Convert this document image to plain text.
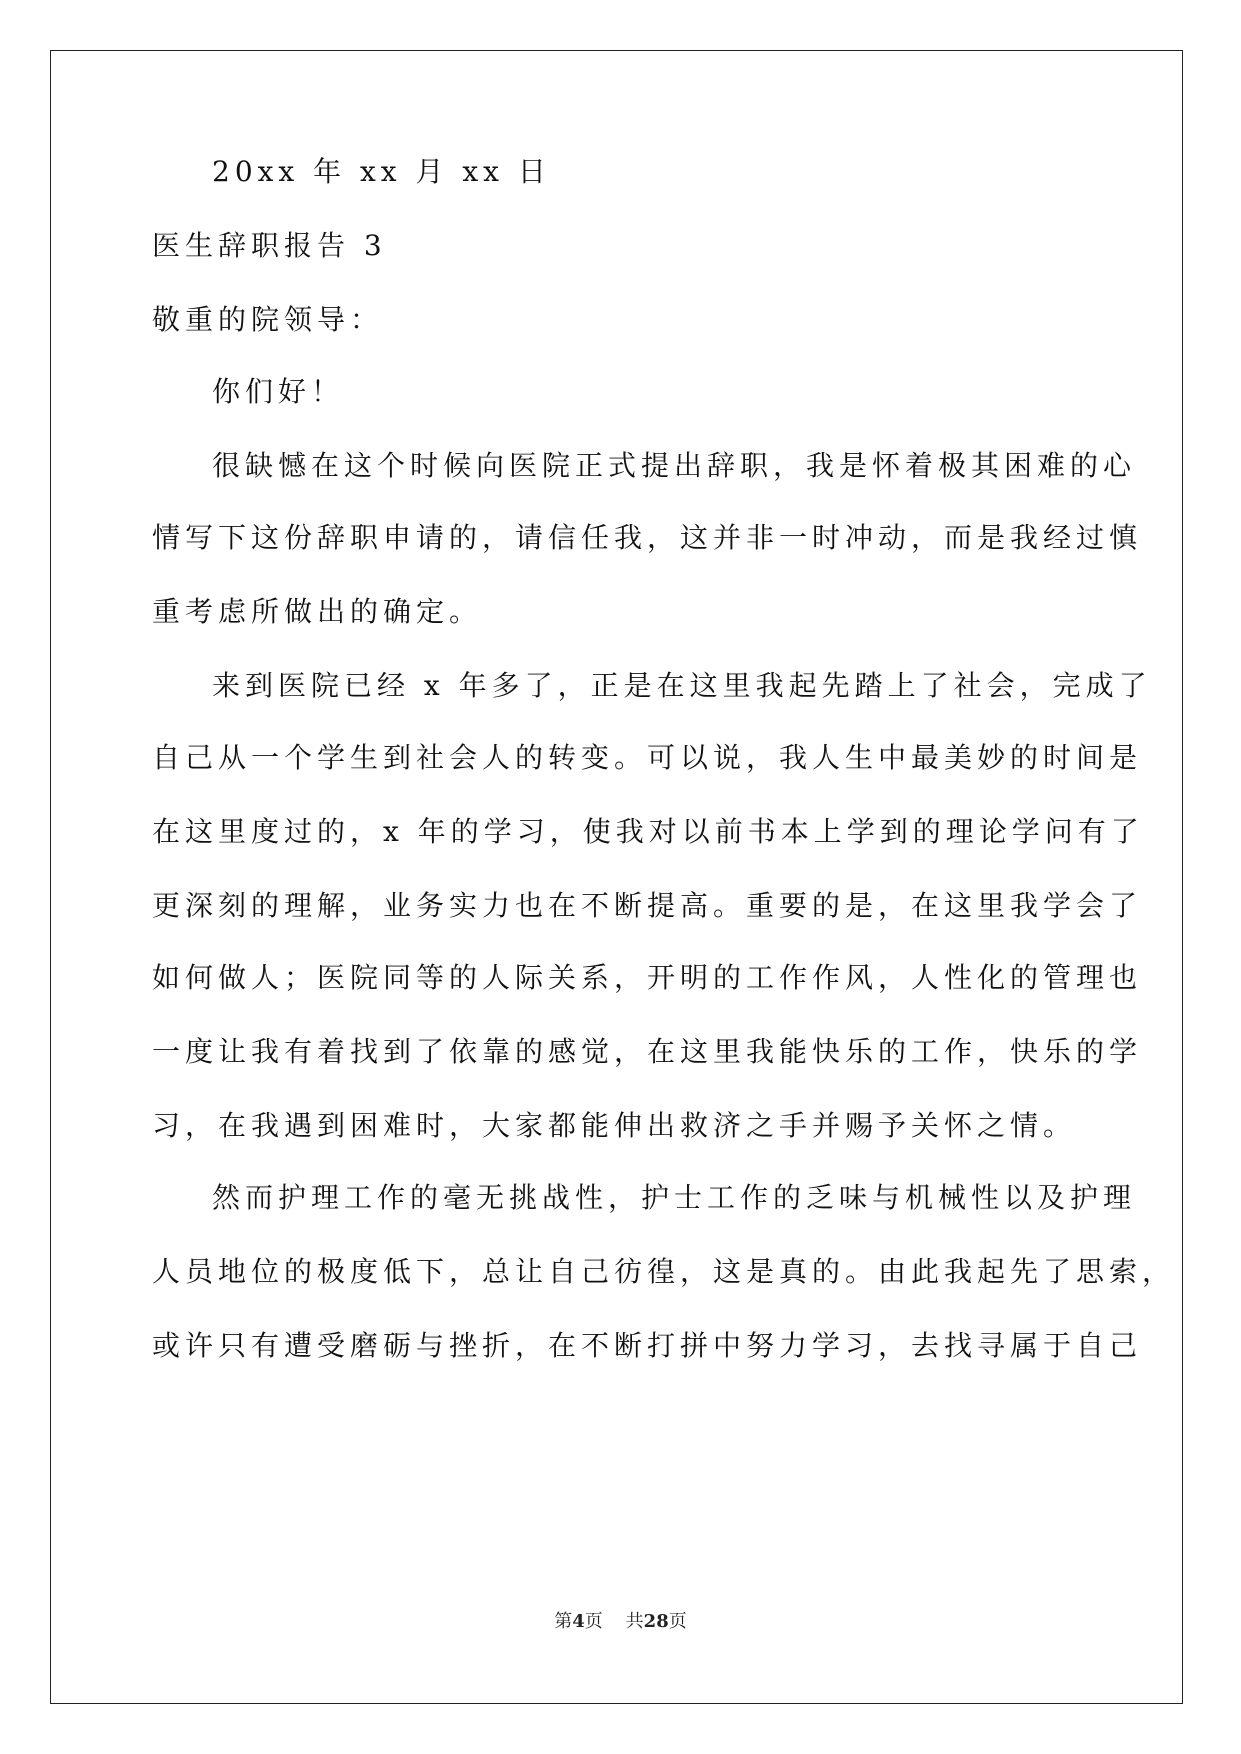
20xx 年 xx 月 xx 日
医生辞职报告 3
敬重的院领导：
你们好！
很缺憾在这个时候向医院正式提出辞职，我是怀着极其困难的心
情写下这份辞职申请的，请信任我，这并非一时冲动，而是我经过慎
重考虑所做出的确定。
来到医院已经 x 年多了，正是在这里我起先踏上了社会，完成了
自己从一个学生到社会人的转变。可以说，我人生中最美妙的时间是
在这里度过的，x 年的学习，使我对以前书本上学到的理论学问有了
更深刻的理解，业务实力也在不断提高。重要的是，在这里我学会了
如何做人；医院同等的人际关系，开明的工作作风，人性化的管理也
一度让我有着找到了依靠的感觉，在这里我能快乐的工作，快乐的学
习，在我遇到困难时，大家都能伸出救济之手并赐予关怀之情。
然而护理工作的毫无挑战性，护士工作的乏味与机械性以及护理
人员地位的极度低下，总让自己彷徨，这是真的。由此我起先了思索，
或许只有遭受磨砺与挫折，在不断打拼中努力学习，去找寻属于自己
第4页 共28页
